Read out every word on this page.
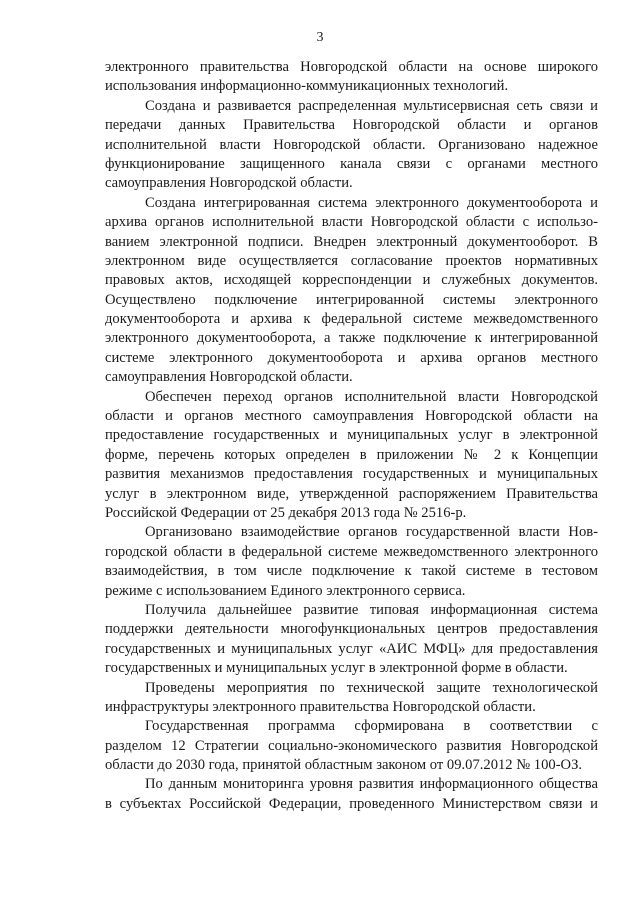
3
электронного правительства Новгородской области на основе широкого
использования информационно-коммуникационных технологий.
Создана и развивается распределенная мультисервисная сеть связи и
передачи данных Правительства Новгородской области и органов
исполнительной власти Новгородской области. Организовано надежное
функционирование защищенного канала связи с органами местного
самоуправления Новгородской области.
Создана интегрированная система электронного документооборота и
архива органов исполнительной власти Новгородской области с использо-
ванием электронной подписи. Внедрен электронный документооборот. В
электронном виде осуществляется согласование проектов нормативных
правовых актов, исходящей корреспонденции и служебных документов.
Осуществлено подключение интегрированной системы электронного
документооборота и архива к федеральной системе межведомственного
электронного документооборота, а также подключение к интегрированной
системе электронного документооборота и архива органов местного
самоуправления Новгородской области.
Обеспечен переход органов исполнительной власти Новгородской
области и органов местного самоуправления Новгородской области на
предоставление государственных и муниципальных услуг в электронной
форме, перечень которых определен в приложении № 2 к Концепции
развития механизмов предоставления государственных и муниципальных
услуг в электронном виде, утвержденной распоряжением Правительства
Российской Федерации от 25 декабря 2013 года № 2516-р.
Организовано взаимодействие органов государственной власти Нов-
городской области в федеральной системе межведомственного электронного
взаимодействия, в том числе подключение к такой системе в тестовом
режиме с использованием Единого электронного сервиса.
Получила дальнейшее развитие типовая информационная система
поддержки деятельности многофункциональных центров предоставления
государственных и муниципальных услуг «АИС МФЦ» для предоставления
государственных и муниципальных услуг в электронной форме в области.
Проведены мероприятия по технической защите технологической
инфраструктуры электронного правительства Новгородской области.
Государственная программа сформирована в соответствии с
разделом 12 Стратегии социально-экономического развития Новгородской
области до 2030 года, принятой областным законом от 09.07.2012 № 100-ОЗ.
По данным мониторинга уровня развития информационного общества
в субъектах Российской Федерации, проведенного Министерством связи и
